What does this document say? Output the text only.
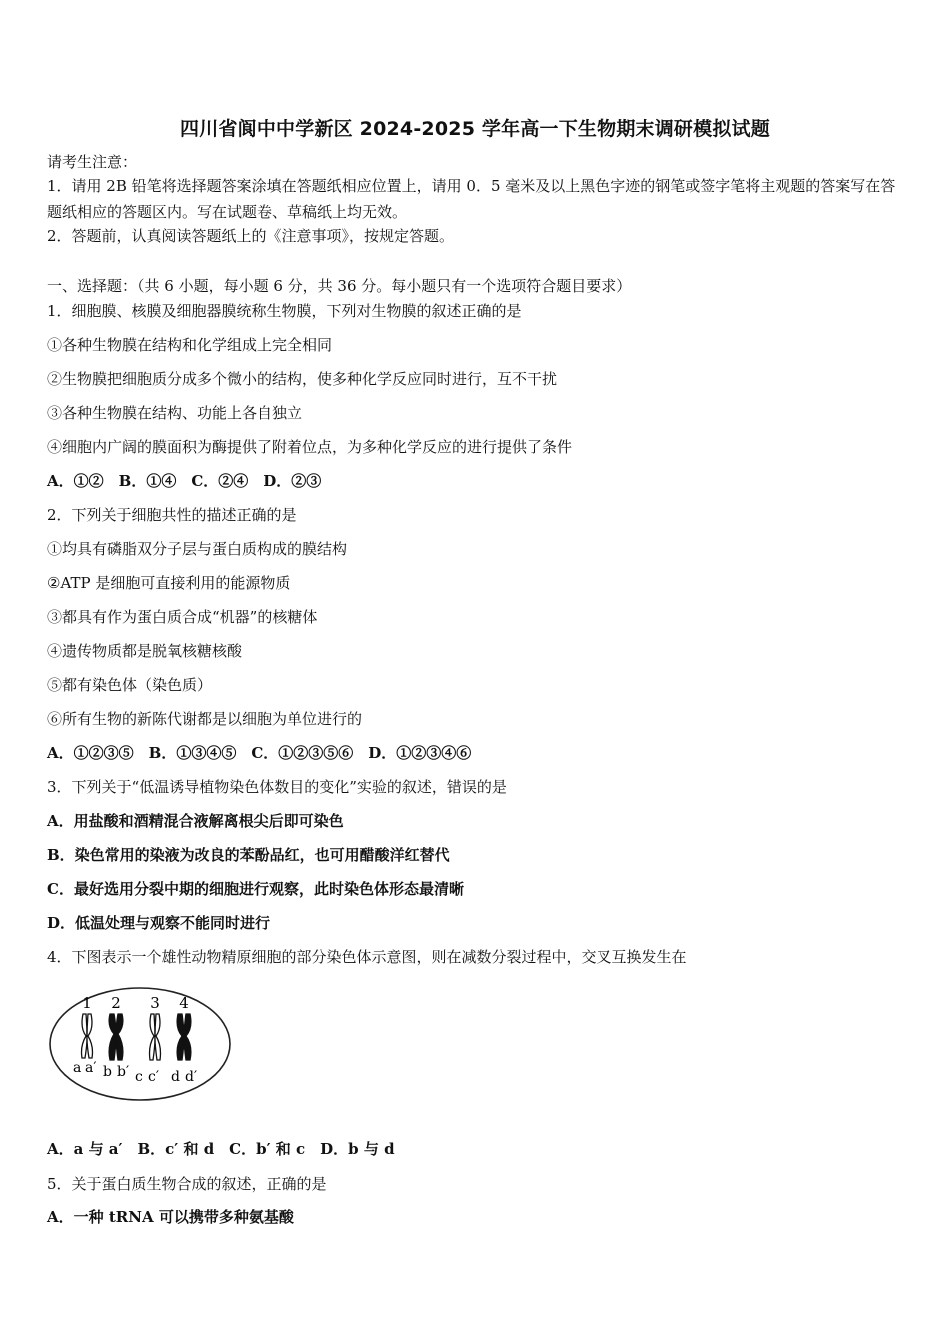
四川省阆中中学新区 2024-2025 学年高一下生物期末调研模拟试题
请考生注意：
1．请用 2B 铅笔将选择题答案涂填在答题纸相应位置上，请用 0．5 毫米及以上黑色字迹的钢笔或签字笔将主观题的答案写在答题纸相应的答题区内。写在试题卷、草稿纸上均无效。
2．答题前，认真阅读答题纸上的《注意事项》，按规定答题。
一、选择题：（共 6 小题，每小题 6 分，共 36 分。每小题只有一个选项符合题目要求）
1．细胞膜、核膜及细胞器膜统称生物膜，下列对生物膜的叙述正确的是
①各种生物膜在结构和化学组成上完全相同
②生物膜把细胞质分成多个微小的结构，使多种化学反应同时进行，互不干扰
③各种生物膜在结构、功能上各自独立
④细胞内广阔的膜面积为酶提供了附着位点，为多种化学反应的进行提供了条件
A．①②　B．①④　C．②④　D．②③
2．下列关于细胞共性的描述正确的是
①均具有磷脂双分子层与蛋白质构成的膜结构
②ATP 是细胞可直接利用的能源物质
③都具有作为蛋白质合成“机器”的核糖体
④遗传物质都是脱氧核糖核酸
⑤都有染色体（染色质）
⑥所有生物的新陈代谢都是以细胞为单位进行的
A．①②③⑤　B．①③④⑤　C．①②③⑤⑥　D．①②③④⑥
3．下列关于“低温诱导植物染色体数目的变化”实验的叙述，错误的是
A．用盐酸和酒精混合液解离根尖后即可染色
B．染色常用的染液为改良的苯酚品红，也可用醋酸洋红替代
C．最好选用分裂中期的细胞进行观察，此时染色体形态最清晰
D．低温处理与观察不能同时进行
4．下图表示一个雄性动物精原细胞的部分染色体示意图，则在减数分裂过程中，交叉互换发生在
1 2 3 4
a a′ b b′ c c′ d d′
A．a 与 a′　B．c′ 和 d　C．b′ 和 c　D．b 与 d
5．关于蛋白质生物合成的叙述，正确的是
A．一种 tRNA 可以携带多种氨基酸
